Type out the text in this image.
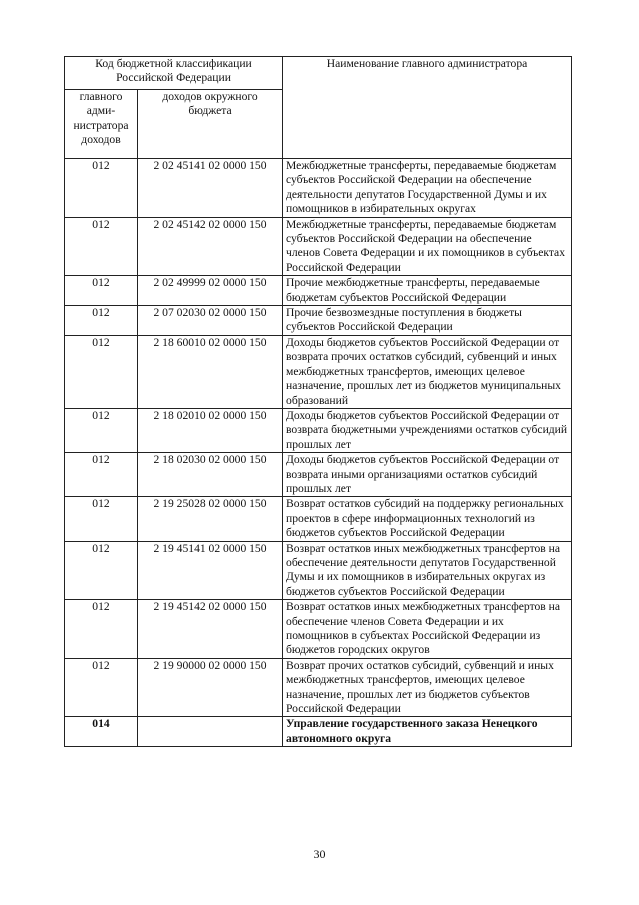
Код бюджетной классификации Российской Федерации		Наименование главного администратора
главного адми-нистратора доходов	доходов окружного бюджета	
012	2 02 45141 02 0000 150	Межбюджетные трансферты, передаваемые бюджетам субъектов Российской Федерации на обеспечение деятельности депутатов Государственной Думы и их помощников в избирательных округах
012	2 02 45142 02 0000 150	Межбюджетные трансферты, передаваемые бюджетам субъектов Российской Федерации на обеспечение членов Совета Федерации и их помощников в субъектах Российской Федерации
012	2 02 49999 02 0000 150	Прочие межбюджетные трансферты, передаваемые бюджетам субъектов Российской Федерации
012	2 07 02030 02 0000 150	Прочие безвозмездные поступления в бюджеты субъектов Российской Федерации
012	2 18 60010 02 0000 150	Доходы бюджетов субъектов Российской Федерации от возврата прочих остатков субсидий, субвенций и иных межбюджетных трансфертов, имеющих целевое назначение, прошлых лет из бюджетов муниципальных образований
012	2 18 02010 02 0000 150	Доходы бюджетов субъектов Российской Федерации от возврата бюджетными учреждениями остатков субсидий прошлых лет
012	2 18 02030 02 0000 150	Доходы бюджетов субъектов Российской Федерации от возврата иными организациями остатков субсидий прошлых лет
012	2 19 25028 02 0000 150	Возврат остатков субсидий на поддержку региональных проектов в сфере информационных технологий из бюджетов субъектов Российской Федерации
012	2 19 45141 02 0000 150	Возврат остатков иных межбюджетных трансфертов на обеспечение деятельности депутатов Государственной Думы и их помощников в избирательных округах из бюджетов субъектов Российской Федерации
012	2 19 45142 02 0000 150	Возврат остатков иных межбюджетных трансфертов на обеспечение членов Совета Федерации и их помощников в субъектах Российской Федерации из бюджетов городских округов
012	2 19 90000 02 0000 150	Возврат прочих остатков субсидий, субвенций и иных межбюджетных трансфертов, имеющих целевое назначение, прошлых лет из бюджетов субъектов Российской Федерации
014		Управление государственного заказа Ненецкого автономного округа
30
